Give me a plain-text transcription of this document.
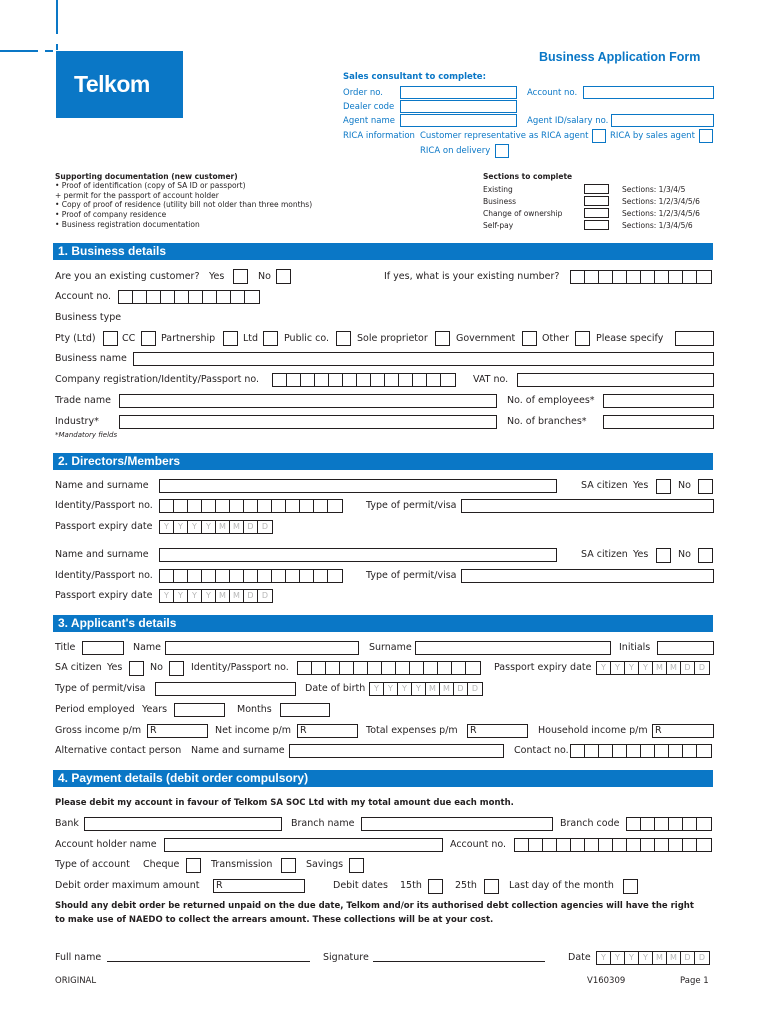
Telkom
Business Application Form
Sales consultant to complete:
Order no.	Account no.
Dealer code
Agent name	Agent ID/salary no.
RICA information Customer representative as RICA agent	RICA by sales agent
RICA on delivery
Supporting documentation (new customer)
• Proof of identification (copy of SA ID or passport)
+ permit for the passport of account holder
• Copy of proof of residence (utility bill not older than three months)
• Proof of company residence
• Business registration documentation
Sections to complete
Existing	Sections: 1/3/4/5
Business	Sections: 1/2/3/4/5/6
Change of ownership	Sections: 1/2/3/4/5/6
Self-pay	Sections: 1/3/4/5/6
1. Business details
Are you an existing customer? Yes	No	If yes, what is your existing number?
Account no.
Business type
Pty (Ltd)	CC	Partnership	Ltd	Public co.	Sole proprietor	Government	Other	Please specify
Business name
Company registration/Identity/Passport no.	VAT no.
Trade name	No. of employees*
Industry*	No. of branches*
*Mandatory fields
2. Directors/Members
Name and surname	SA citizen Yes	No
Identity/Passport no.	Type of permit/visa
Passport expiry date	Y	Y	Y	Y	M M D	D
Name and surname	SA citizen Yes	No
Identity/Passport no.	Type of permit/visa
Passport expiry date	Y	Y	Y	Y	M M D	D
3. Applicant's details
Title	Name	Surname	Initials
SA citizen Yes	No	Identity/Passport no.	Passport expiry date	Y	Y	Y	Y	M M D	D
Type of permit/visa	Date of birth	Y	Y	Y	Y	M M D	D
Period employed Years	Months
Gross income p/m R	Net income p/m R	Total expenses p/m R	Household income p/m R
Alternative contact person Name and surname	Contact no.
4. Payment details (debit order compulsory)
Please debit my account in favour of Telkom SA SOC Ltd with my total amount due each month.
Bank	Branch name	Branch code
Account holder name	Account no.
Type of account Cheque	Transmission	Savings
Debit order maximum amount R	Debit dates 15th	25th	Last day of the month
Should any debit order be returned unpaid on the due date, Telkom and/or its authorised debt collection agencies will have the right
to make use of NAEDO to collect the arrears amount. These collections will be at your cost.
Full name	Signature	Date	Y	Y	Y	Y	M M D	D
ORIGINAL	V160309	Page 1
